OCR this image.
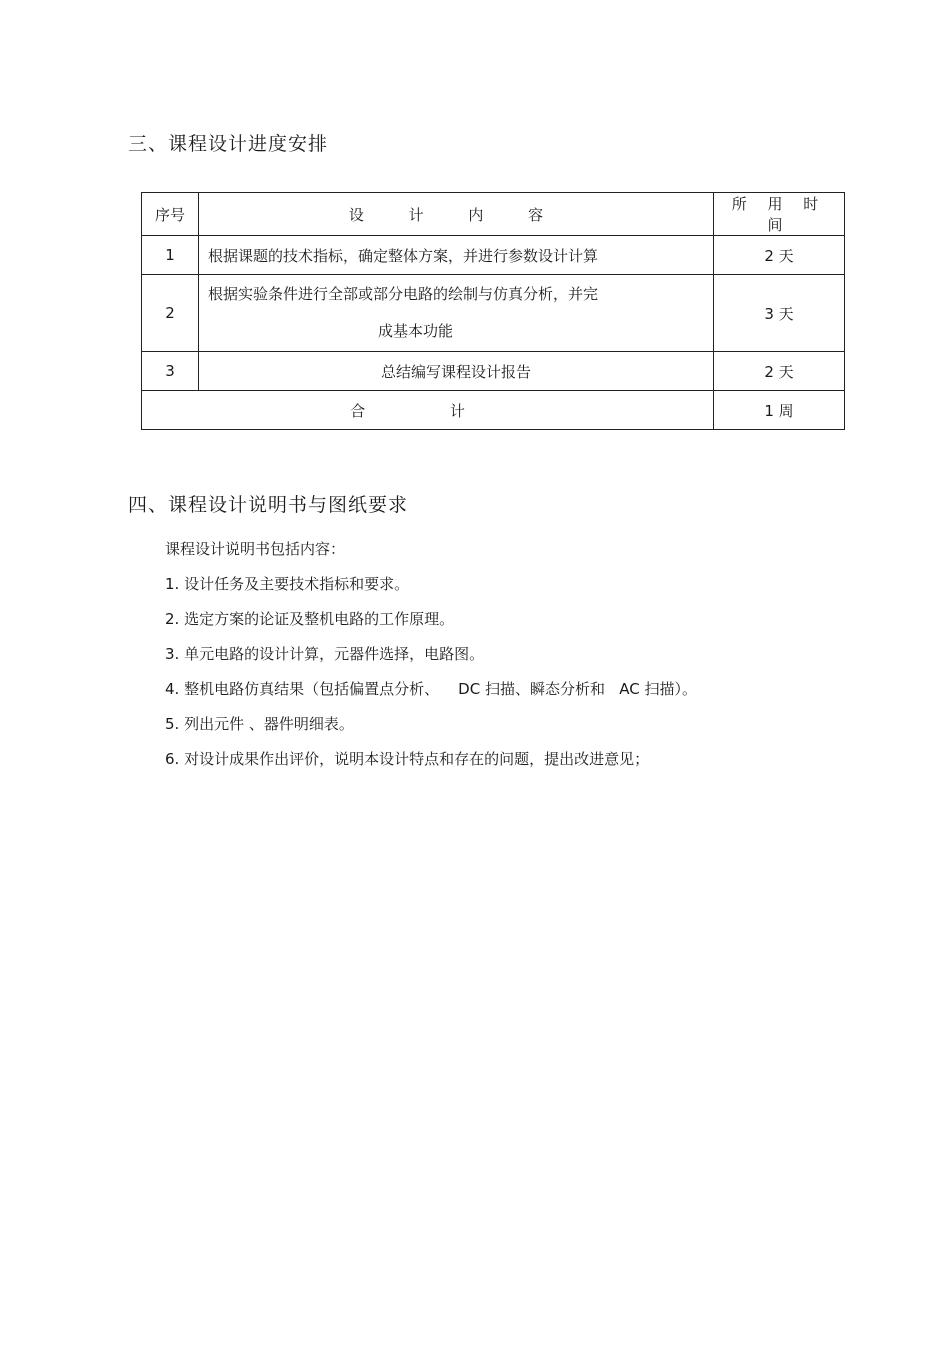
三、课程设计进度安排
序号	设 计 内 容	所 用 时 间
1	根据课题的技术指标，确定整体方案，并进行参数设计计算	2 天
2	根据实验条件进行全部或部分电路的绘制与仿真分析，并完
成基本功能	3 天
3	总结编写课程设计报告	2 天
合 计		1 周
四、课程设计说明书与图纸要求
课程设计说明书包括内容：
1. 设计任务及主要技术指标和要求。
2. 选定方案的论证及整机电路的工作原理。
3. 单元电路的设计计算，元器件选择，电路图。
4. 整机电路仿真结果（包括偏置点分析、    DC 扫描、瞬态分析和   AC 扫描）。
5. 列出元件 、器件明细表。
6. 对设计成果作出评价，说明本设计特点和存在的问题，提出改进意见；
